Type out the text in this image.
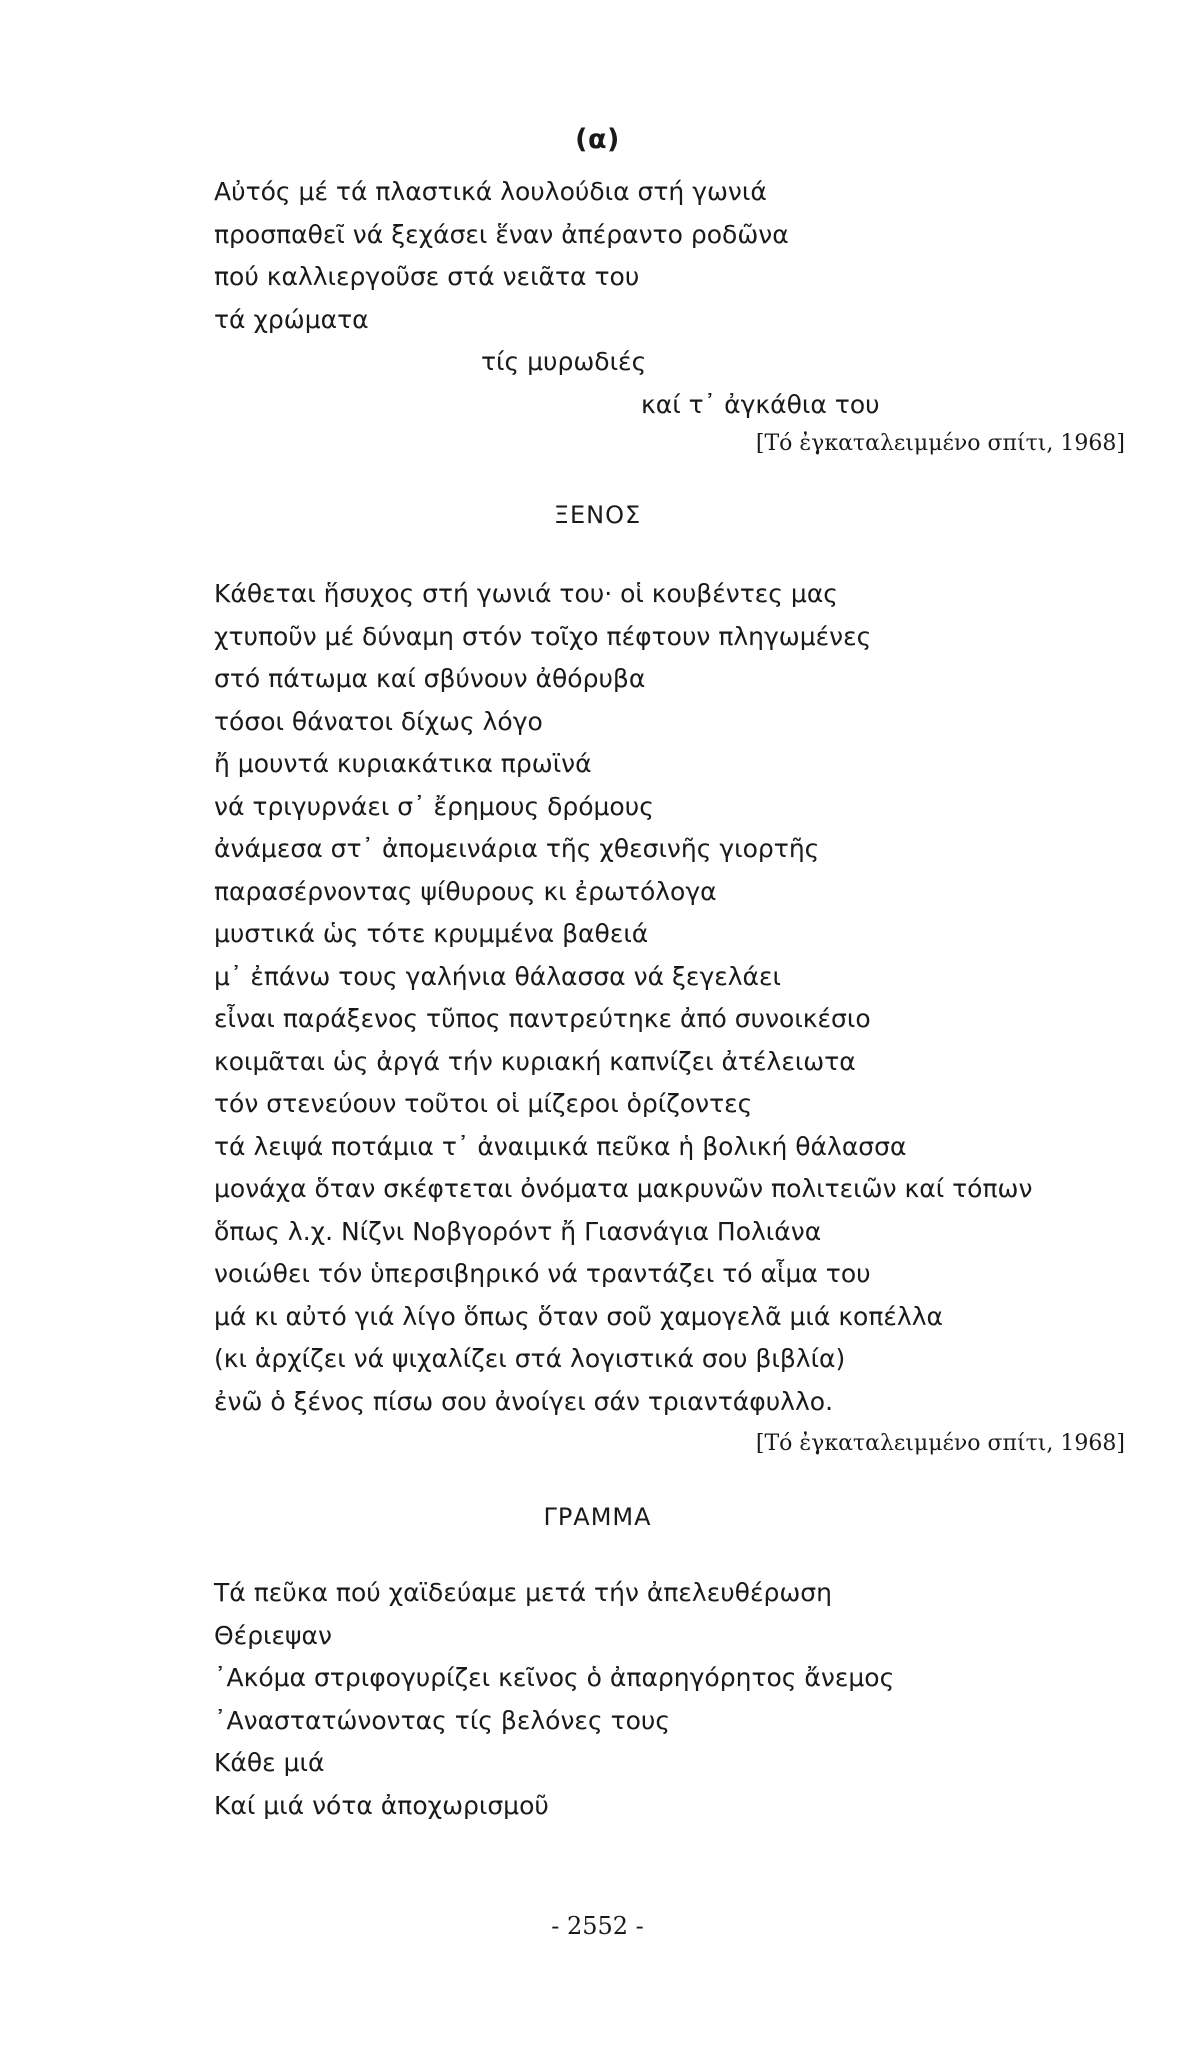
(α)
Αὐτός μέ τά πλαστικά λουλούδια στή γωνιά
προσπαθεῖ νά ξεχάσει ἕναν ἀπέραντο ροδῶνα
πού καλλιεργοῦσε στά νειᾶτα του
τά χρώματα
τίς μυρωδιές
καί τ᾽ ἀγκάθια του
[Τό ἐγκαταλειμμένο σπίτι, 1968]
ΞΕΝΟΣ
Κάθεται ἥσυχος στή γωνιά του· οἱ κουβέντες μας
χτυποῦν μέ δύναμη στόν τοῖχο πέφτουν πληγωμένες
στό πάτωμα καί σβύνουν ἀθόρυβα
τόσοι θάνατοι δίχως λόγο
ἤ μουντά κυριακάτικα πρωϊνά
νά τριγυρνάει σ᾽ ἔρημους δρόμους
ἀνάμεσα στ᾽ ἀπομεινάρια τῆς χθεσινῆς γιορτῆς
παρασέρνοντας ψίθυρους κι ἐρωτόλογα
μυστικά ὡς τότε κρυμμένα βαθειά
μ᾽ ἐπάνω τους γαλήνια θάλασσα νά ξεγελάει
εἶναι παράξενος τῦπος παντρεύτηκε ἀπό συνοικέσιο
κοιμᾶται ὡς ἀργά τήν κυριακή καπνίζει ἀτέλειωτα
τόν στενεύουν τοῦτοι οἱ μίζεροι ὁρίζοντες
τά λειψά ποτάμια τ᾽ ἀναιμικά πεῦκα ἡ βολική θάλασσα
μονάχα ὅταν σκέφτεται ὀνόματα μακρυνῶν πολιτειῶν καί τόπων
ὅπως λ.χ. Νίζνι Νοβγορόντ ἤ Γιασνάγια Πολιάνα
νοιώθει τόν ὑπερσιβηρικό νά τραντάζει τό αἷμα του
μά κι αὐτό γιά λίγο ὅπως ὅταν σοῦ χαμογελᾶ μιά κοπέλλα
(κι ἀρχίζει νά ψιχαλίζει στά λογιστικά σου βιβλία)
ἐνῶ ὁ ξένος πίσω σου ἀνοίγει σάν τριαντάφυλλο.
[Τό ἐγκαταλειμμένο σπίτι, 1968]
ΓΡΑΜΜΑ
Τά πεῦκα πού χαϊδεύαμε μετά τήν ἀπελευθέρωση
Θέριεψαν
᾿Ακόμα στριφογυρίζει κεῖνος ὁ ἀπαρηγόρητος ἄνεμος
᾿Αναστατώνοντας τίς βελόνες τους
Κάθε μιά
Καί μιά νότα ἀποχωρισμοῦ
- 2552 -
